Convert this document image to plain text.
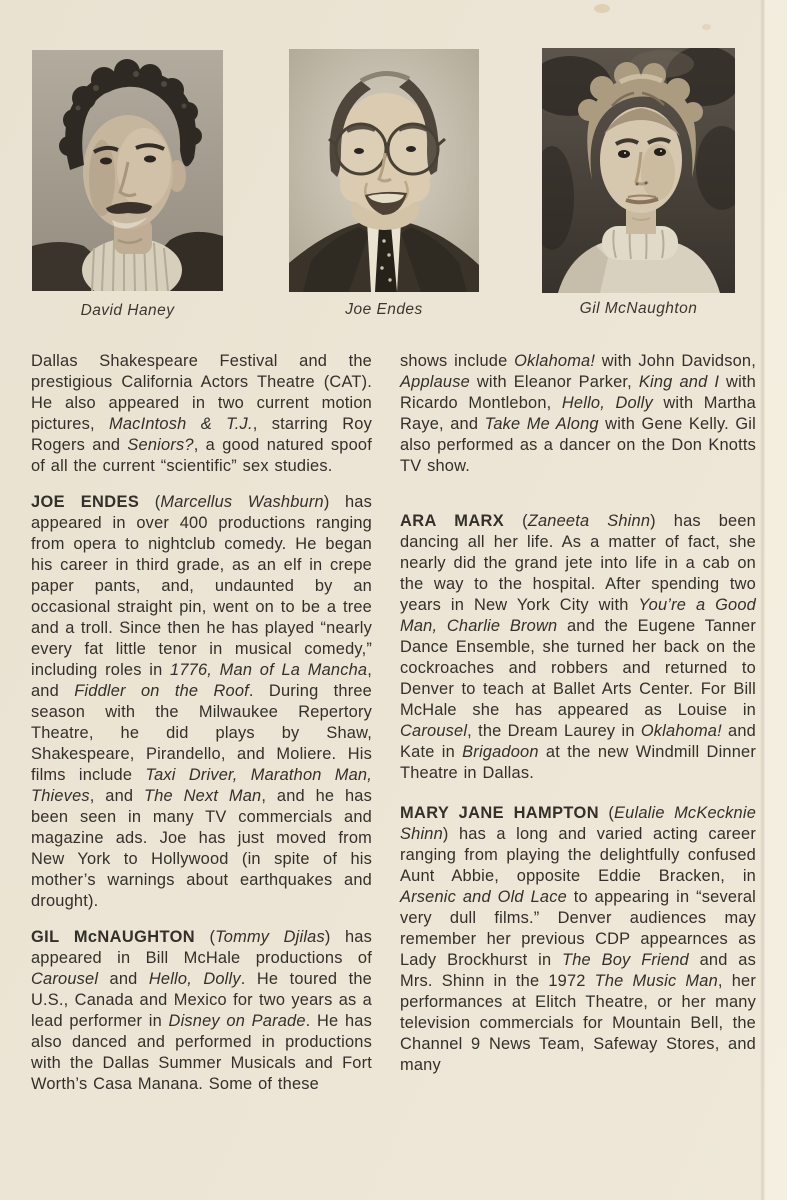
David Haney	Joe Endes	Gil McNaughton

Dallas Shakespeare Festival and the prestigious California Actors Theatre (CAT). He also appeared in two current motion pictures, MacIntosh & T.J., starring Roy Rogers and Seniors?, a good natured spoof of all the current “scientific” sex studies.

JOE ENDES (Marcellus Washburn) has appeared in over 400 productions ranging from opera to nightclub comedy. He began his career in third grade, as an elf in crepe paper pants, and, undaunted by an occasional straight pin, went on to be a tree and a troll. Since then he has played “nearly every fat little tenor in musical comedy,” including roles in 1776, Man of La Mancha, and Fiddler on the Roof. During three season with the Milwaukee Repertory Theatre, he did plays by Shaw, Shakespeare, Pirandello, and Moliere. His films include Taxi Driver, Marathon Man, Thieves, and The Next Man, and he has been seen in many TV commercials and magazine ads. Joe has just moved from New York to Hollywood (in spite of his mother’s warnings about earthquakes and drought).

GIL McNAUGHTON (Tommy Djilas) has appeared in Bill McHale productions of Carousel and Hello, Dolly. He toured the U.S., Canada and Mexico for two years as a lead performer in Disney on Parade. He has also danced and performed in productions with the Dallas Summer Musicals and Fort Worth’s Casa Manana. Some of these

shows include Oklahoma! with John Davidson, Applause with Eleanor Parker, King and I with Ricardo Montlebon, Hello, Dolly with Martha Raye, and Take Me Along with Gene Kelly. Gil also performed as a dancer on the Don Knotts TV show.

ARA MARX (Zaneeta Shinn) has been dancing all her life. As a matter of fact, she nearly did the grand jete into life in a cab on the way to the hospital. After spending two years in New York City with You’re a Good Man, Charlie Brown and the Eugene Tanner Dance Ensemble, she turned her back on the cockroaches and robbers and returned to Denver to teach at Ballet Arts Center. For Bill McHale she has appeared as Louise in Carousel, the Dream Laurey in Oklahoma! and Kate in Brigadoon at the new Windmill Dinner Theatre in Dallas.

MARY JANE HAMPTON (Eulalie McKecknie Shinn) has a long and varied acting career ranging from playing the delightfully confused Aunt Abbie, opposite Eddie Bracken, in Arsenic and Old Lace to appearing in “several very dull films.” Denver audiences may remember her previous CDP appearnces as Lady Brockhurst in The Boy Friend and as Mrs. Shinn in the 1972 The Music Man, her performances at Elitch Theatre, or her many television commercials for Mountain Bell, the Channel 9 News Team, Safeway Stores, and many
